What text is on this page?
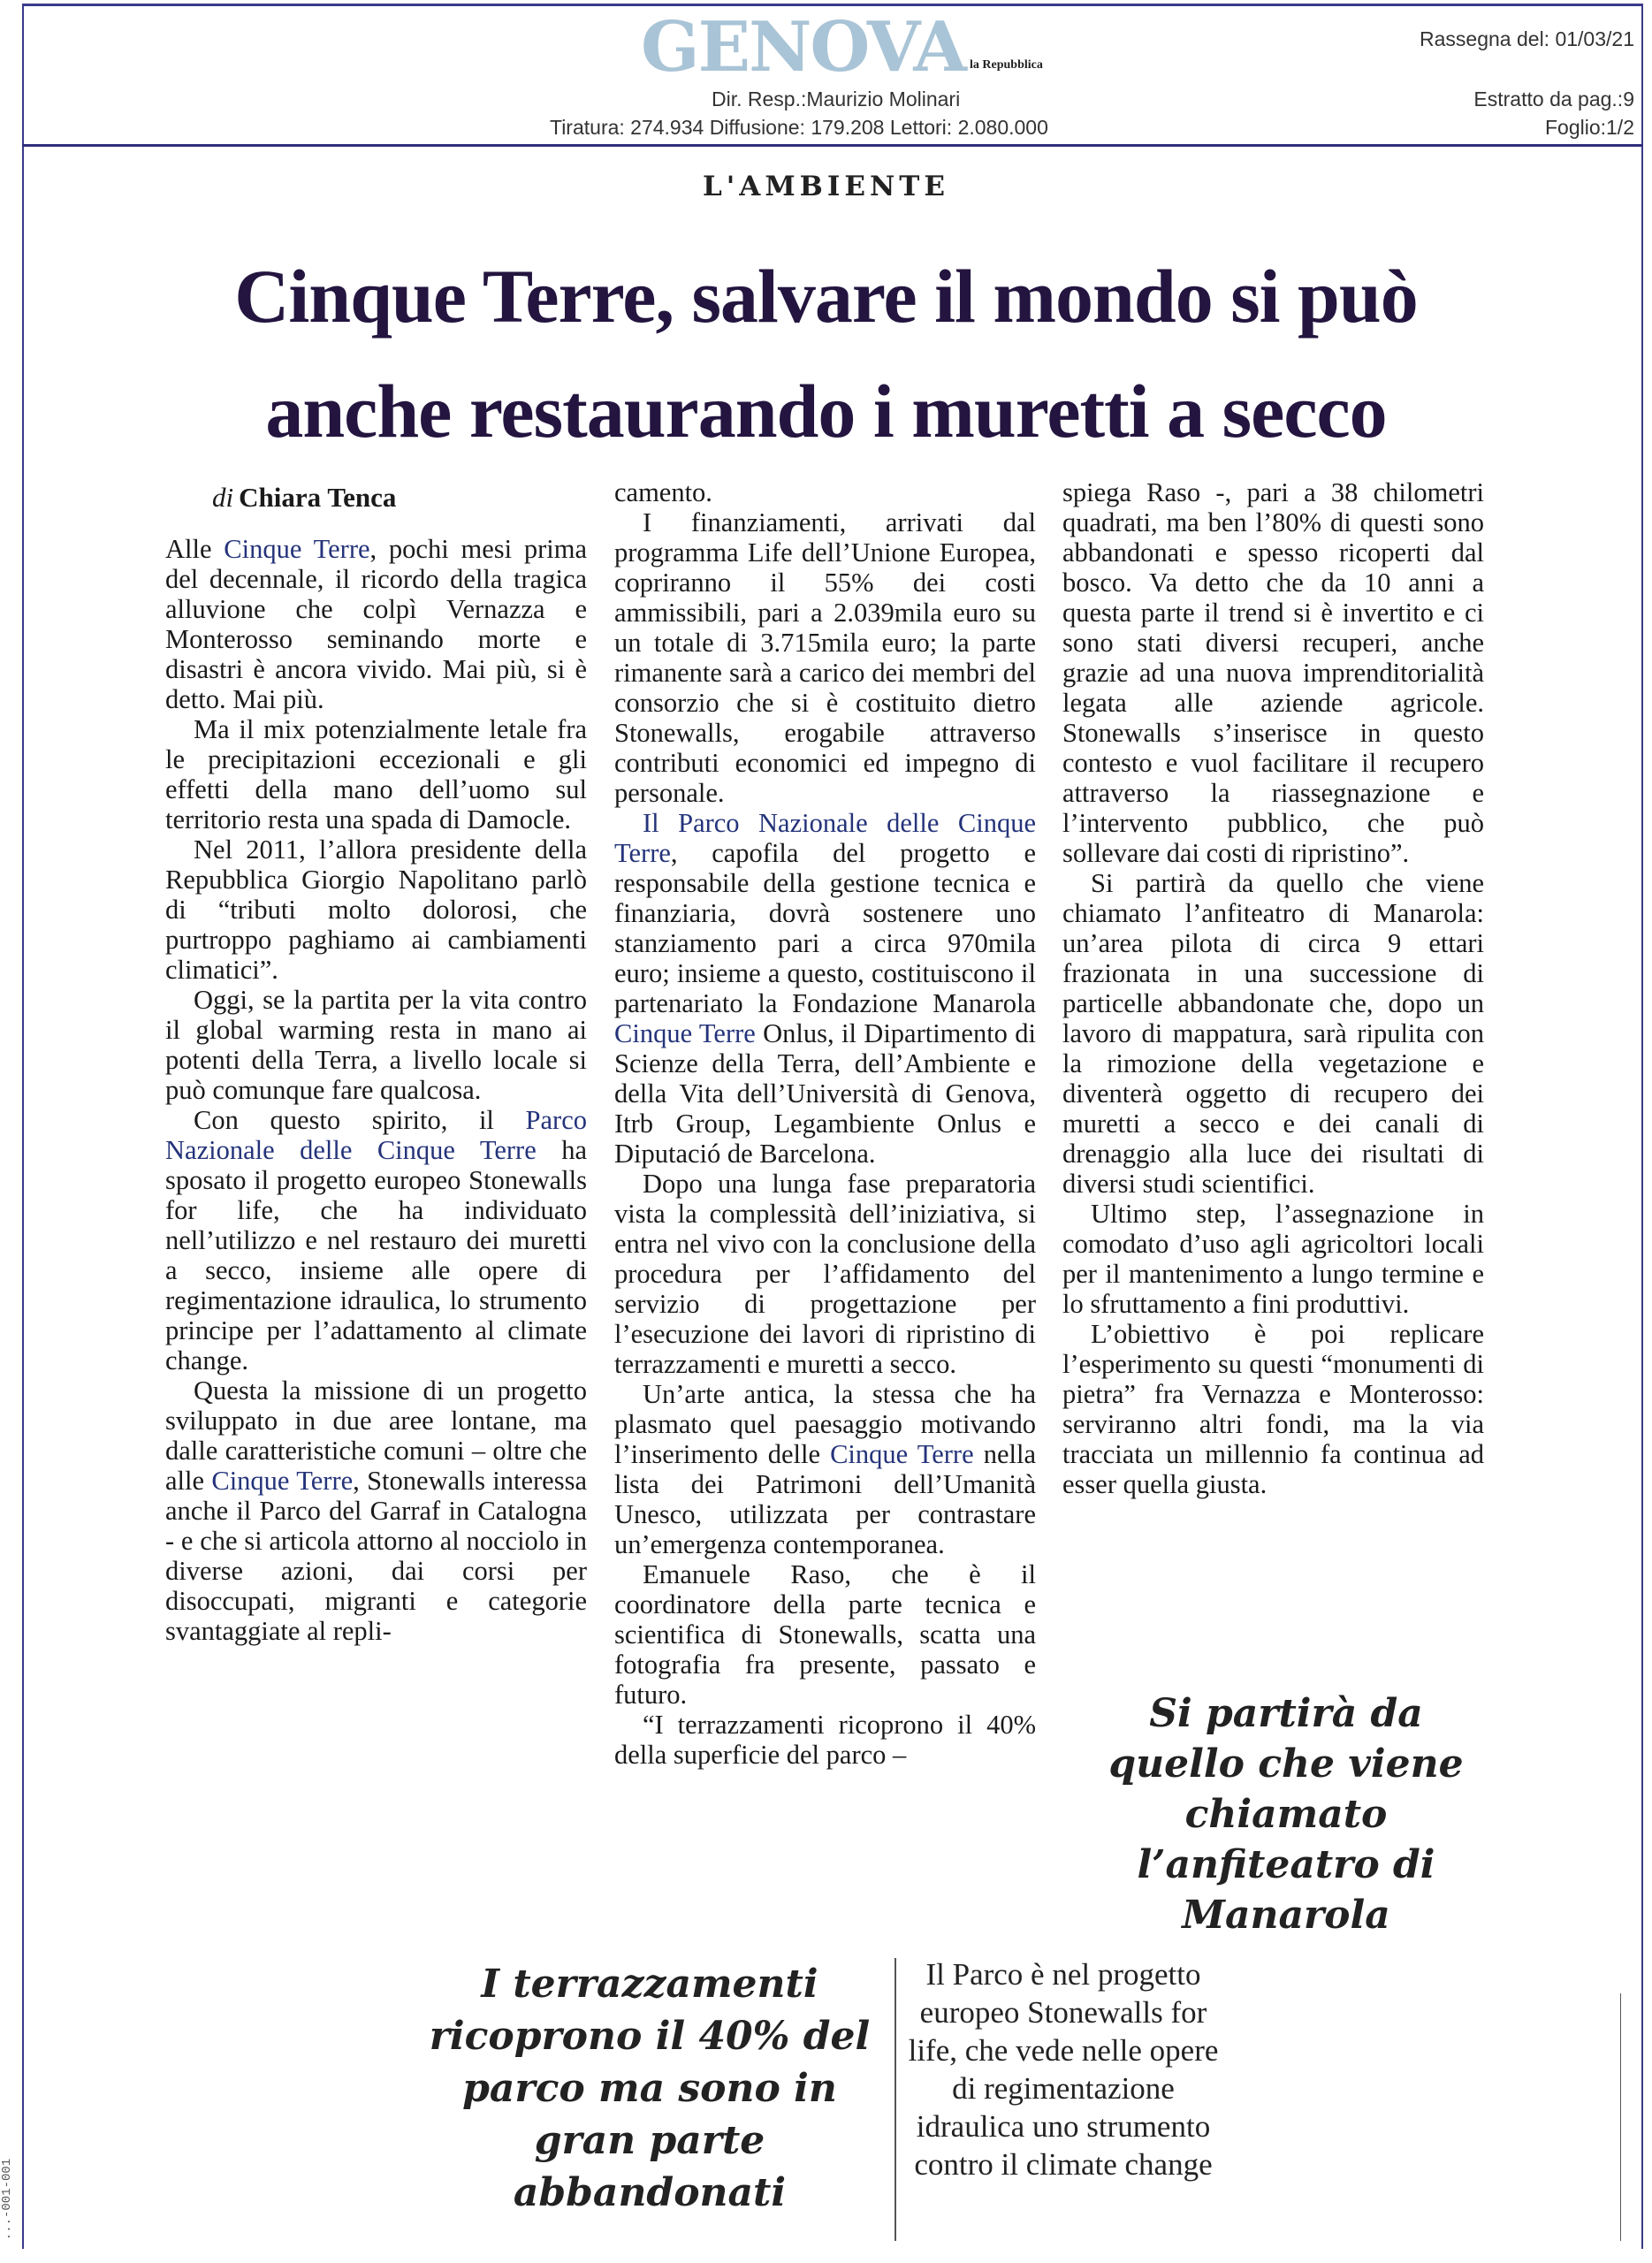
GENOVA la Repubblica
Dir. Resp.:Maurizio Molinari
Tiratura: 274.934 Diffusione: 179.208 Lettori: 2.080.000
Rassegna del: 01/03/21
Estratto da pag.:9
Foglio:1/2
L'AMBIENTE
Cinque Terre, salvare il mondo si può
anche restaurando i muretti a secco
di Chiara Tenca

Alle Cinque Terre, pochi mesi prima del decennale, il ricordo della tragica alluvione che colpì Vernazza e Monterosso seminando morte e disastri è ancora vivido. Mai più, si è detto. Mai più.

Ma il mix potenzialmente letale fra le precipitazioni eccezionali e gli effetti della mano dell’uomo sul territorio resta una spada di Damocle.

Nel 2011, l’allora presidente della Repubblica Giorgio Napolitano parlò di “tributi molto dolorosi, che purtroppo paghiamo ai cambiamenti climatici”.

Oggi, se la partita per la vita contro il global warming resta in mano ai potenti della Terra, a livello locale si può comunque fare qualcosa.

Con questo spirito, il Parco Nazionale delle Cinque Terre ha sposato il progetto europeo Stonewalls for life, che ha individuato nell’utilizzo e nel restauro dei muretti a secco, insieme alle opere di regimentazione idraulica, lo strumento principe per l’adattamento al climate change.

Questa la missione di un progetto sviluppato in due aree lontane, ma dalle caratteristiche comuni – oltre che alle Cinque Terre, Stonewalls interessa anche il Parco del Garraf in Catalogna - e che si articola attorno al nocciolo in diverse azioni, dai corsi per disoccupati, migranti e categorie svantaggiate al repli-

camento.

I finanziamenti, arrivati dal programma Life dell’Unione Europea, copriranno il 55% dei costi ammissibili, pari a 2.039mila euro su un totale di 3.715mila euro; la parte rimanente sarà a carico dei membri del consorzio che si è costituito dietro Stonewalls, erogabile attraverso contributi economici ed impegno di personale.

Il Parco Nazionale delle Cinque Terre, capofila del progetto e responsabile della gestione tecnica e finanziaria, dovrà sostenere uno stanziamento pari a circa 970mila euro; insieme a questo, costituiscono il partenariato la Fondazione Manarola Cinque Terre Onlus, il Dipartimento di Scienze della Terra, dell’Ambiente e della Vita dell’Università di Genova, Itrb Group, Legambiente Onlus e Diputació de Barcelona.

Dopo una lunga fase preparatoria vista la complessità dell’iniziativa, si entra nel vivo con la conclusione della procedura per l’affidamento del servizio di progettazione per l’esecuzione dei lavori di ripristino di terrazzamenti e muretti a secco.

Un’arte antica, la stessa che ha plasmato quel paesaggio motivando l’inserimento delle Cinque Terre nella lista dei Patrimoni dell’Umanità Unesco, utilizzata per contrastare un’emergenza contemporanea.

Emanuele Raso, che è il coordinatore della parte tecnica e scientifica di Stonewalls, scatta una fotografia fra presente, passato e futuro.

“I terrazzamenti ricoprono il 40% della superficie del parco –

spiega Raso -, pari a 38 chilometri quadrati, ma ben l’80% di questi sono abbandonati e spesso ricoperti dal bosco. Va detto che da 10 anni a questa parte il trend si è invertito e ci sono stati diversi recuperi, anche grazie ad una nuova imprenditorialità legata alle aziende agricole. Stonewalls s’inserisce in questo contesto e vuol facilitare il recupero attraverso la riassegnazione e l’intervento pubblico, che può sollevare dai costi di ripristino”.

Si partirà da quello che viene chiamato l’anfiteatro di Manarola: un’area pilota di circa 9 ettari frazionata in una successione di particelle abbandonate che, dopo un lavoro di mappatura, sarà ripulita con la rimozione della vegetazione e diventerà oggetto di recupero dei muretti a secco e dei canali di drenaggio alla luce dei risultati di diversi studi scientifici.

Ultimo step, l’assegnazione in comodato d’uso agli agricoltori locali per il mantenimento a lungo termine e lo sfruttamento a fini produttivi.

L’obiettivo è poi replicare l’esperimento su questi “monumenti di pietra” fra Vernazza e Monterosso: serviranno altri fondi, ma la via tracciata un millennio fa continua ad esser quella giusta.

Si partirà da quello che viene chiamato l’anfiteatro di Manarola
I terrazzamenti ricoprono il 40% del parco ma sono in gran parte abbandonati
Il Parco è nel progetto europeo Stonewalls for life, che vede nelle opere di regimentazione idraulica uno strumento contro il climate change
...-001-001
